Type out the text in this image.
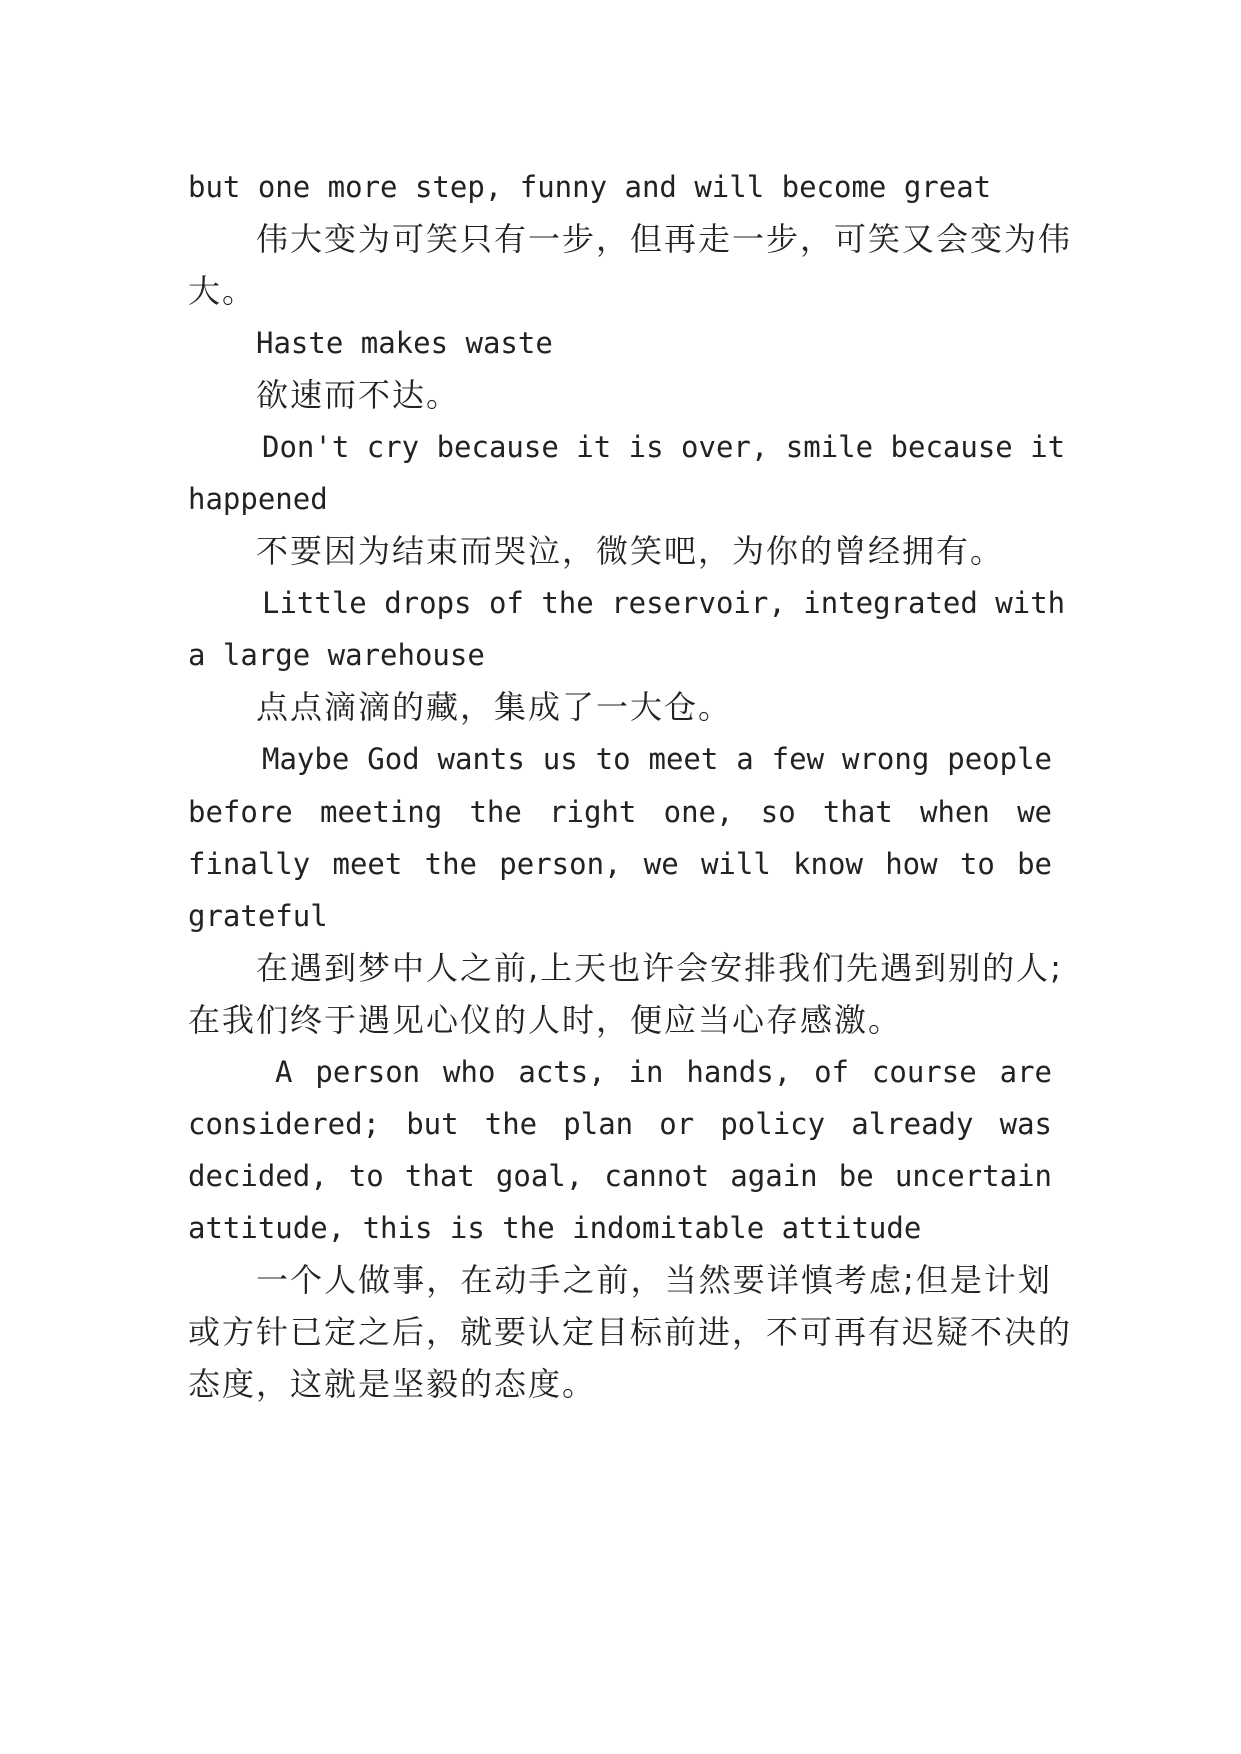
but one more step, funny and will become great
伟大变为可笑只有一步，但再走一步，可笑又会变为伟
大。
Haste makes waste
欲速而不达。
Don't cry because it is over, smile because it
happened
不要因为结束而哭泣，微笑吧，为你的曾经拥有。
Little drops of the reservoir, integrated with
a large warehouse
点点滴滴的藏，集成了一大仓。
Maybe God wants us to meet a few wrong people
before meeting the right one, so that when we
finally meet the person, we will know how to be
grateful
在遇到梦中人之前,上天也许会安排我们先遇到别的人;
在我们终于遇见心仪的人时，便应当心存感激。
A person who acts, in hands, of course are
considered; but the plan or policy already was
decided, to that goal, cannot again be uncertain
attitude, this is the indomitable attitude
一个人做事，在动手之前，当然要详慎考虑;但是计划
或方针已定之后，就要认定目标前进，不可再有迟疑不决的
态度，这就是坚毅的态度。
